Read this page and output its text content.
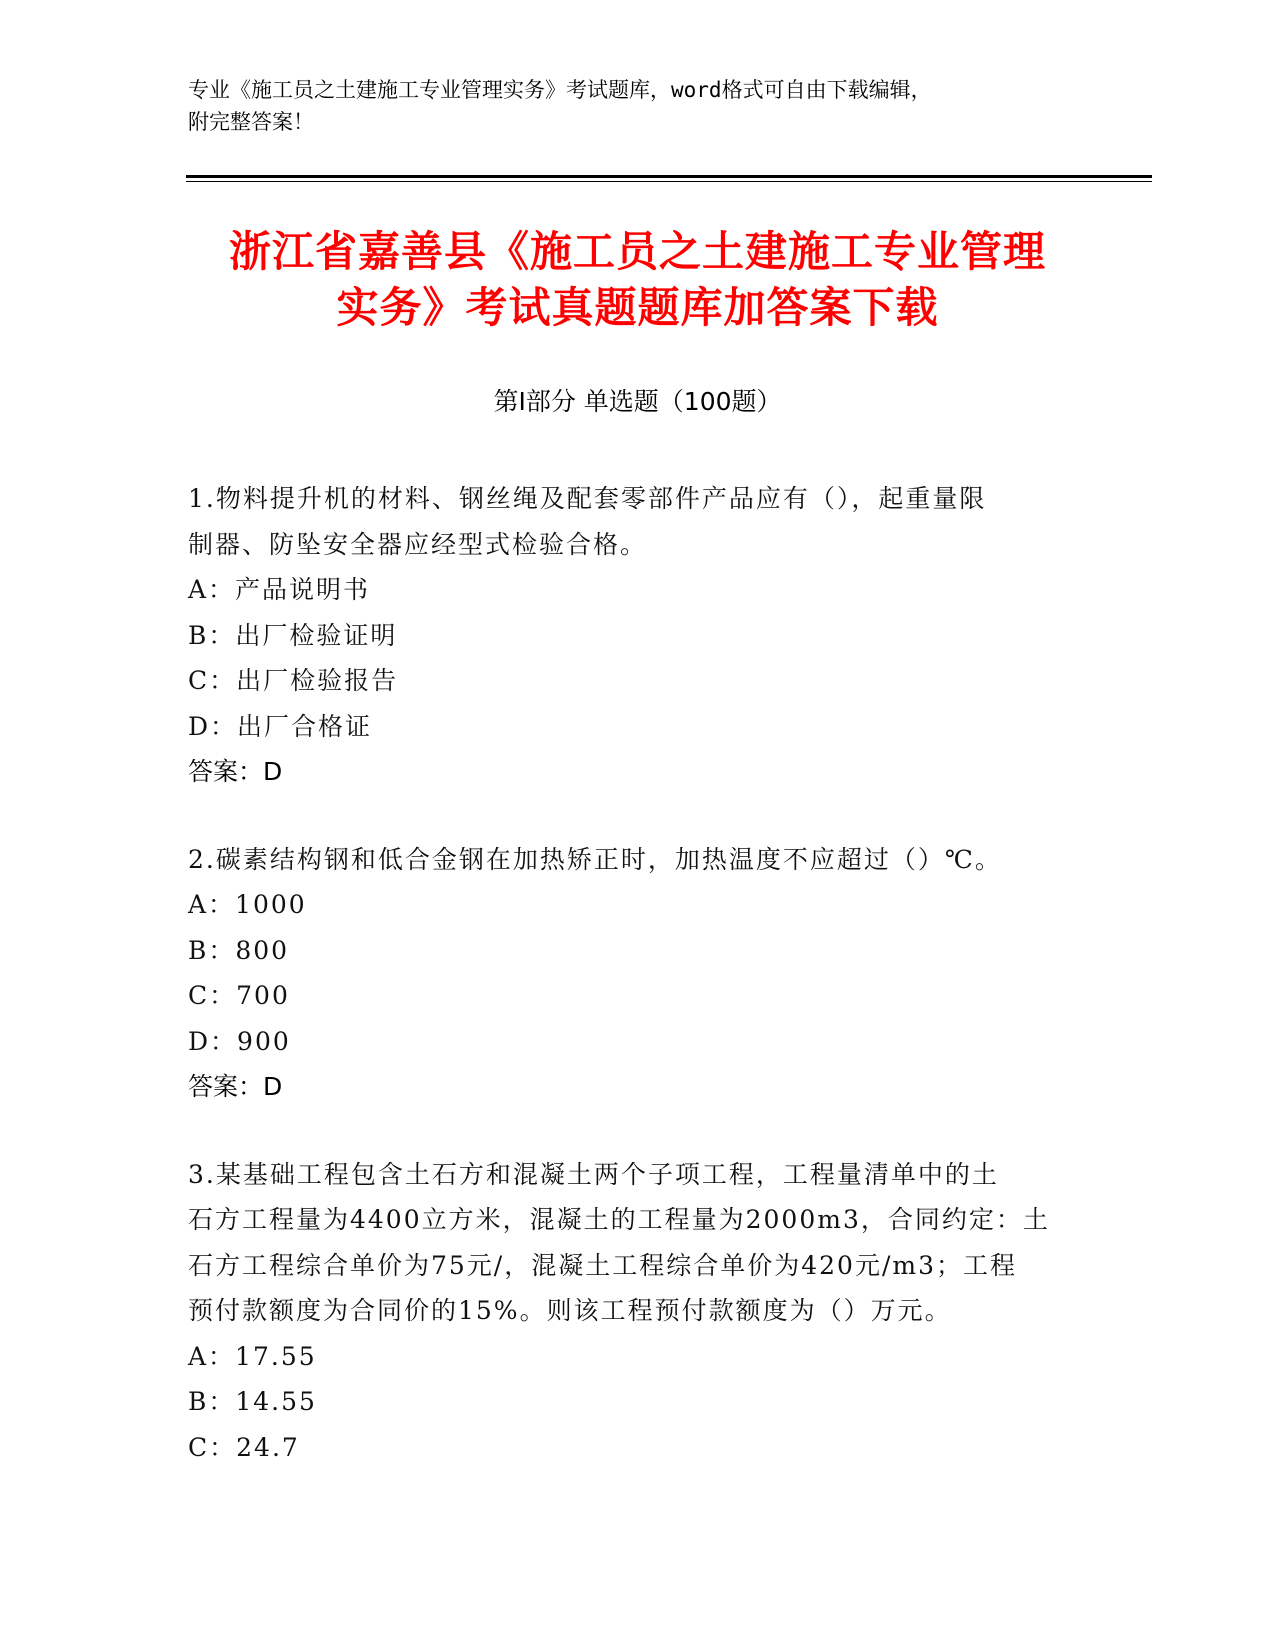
专业《施工员之土建施工专业管理实务》考试题库，word格式可自由下载编辑，
附完整答案！
浙江省嘉善县《施工员之土建施工专业管理
实务》考试真题题库加答案下载
第Ⅰ部分 单选题（100题）
1.物料提升机的材料、钢丝绳及配套零部件产品应有（），起重量限
制器、防坠安全器应经型式检验合格。
A：产品说明书
B：出厂检验证明
C：出厂检验报告
D：出厂合格证
答案：D
2.碳素结构钢和低合金钢在加热矫正时，加热温度不应超过（）℃。
A：1000
B：800
C：700
D：900
答案：D
3.某基础工程包含土石方和混凝土两个子项工程，工程量清单中的土
石方工程量为4400立方米，混凝土的工程量为2000m3，合同约定：土
石方工程综合单价为75元/，混凝土工程综合单价为420元/m3；工程
预付款额度为合同价的15%。则该工程预付款额度为（）万元。
A：17.55
B：14.55
C：24.7
